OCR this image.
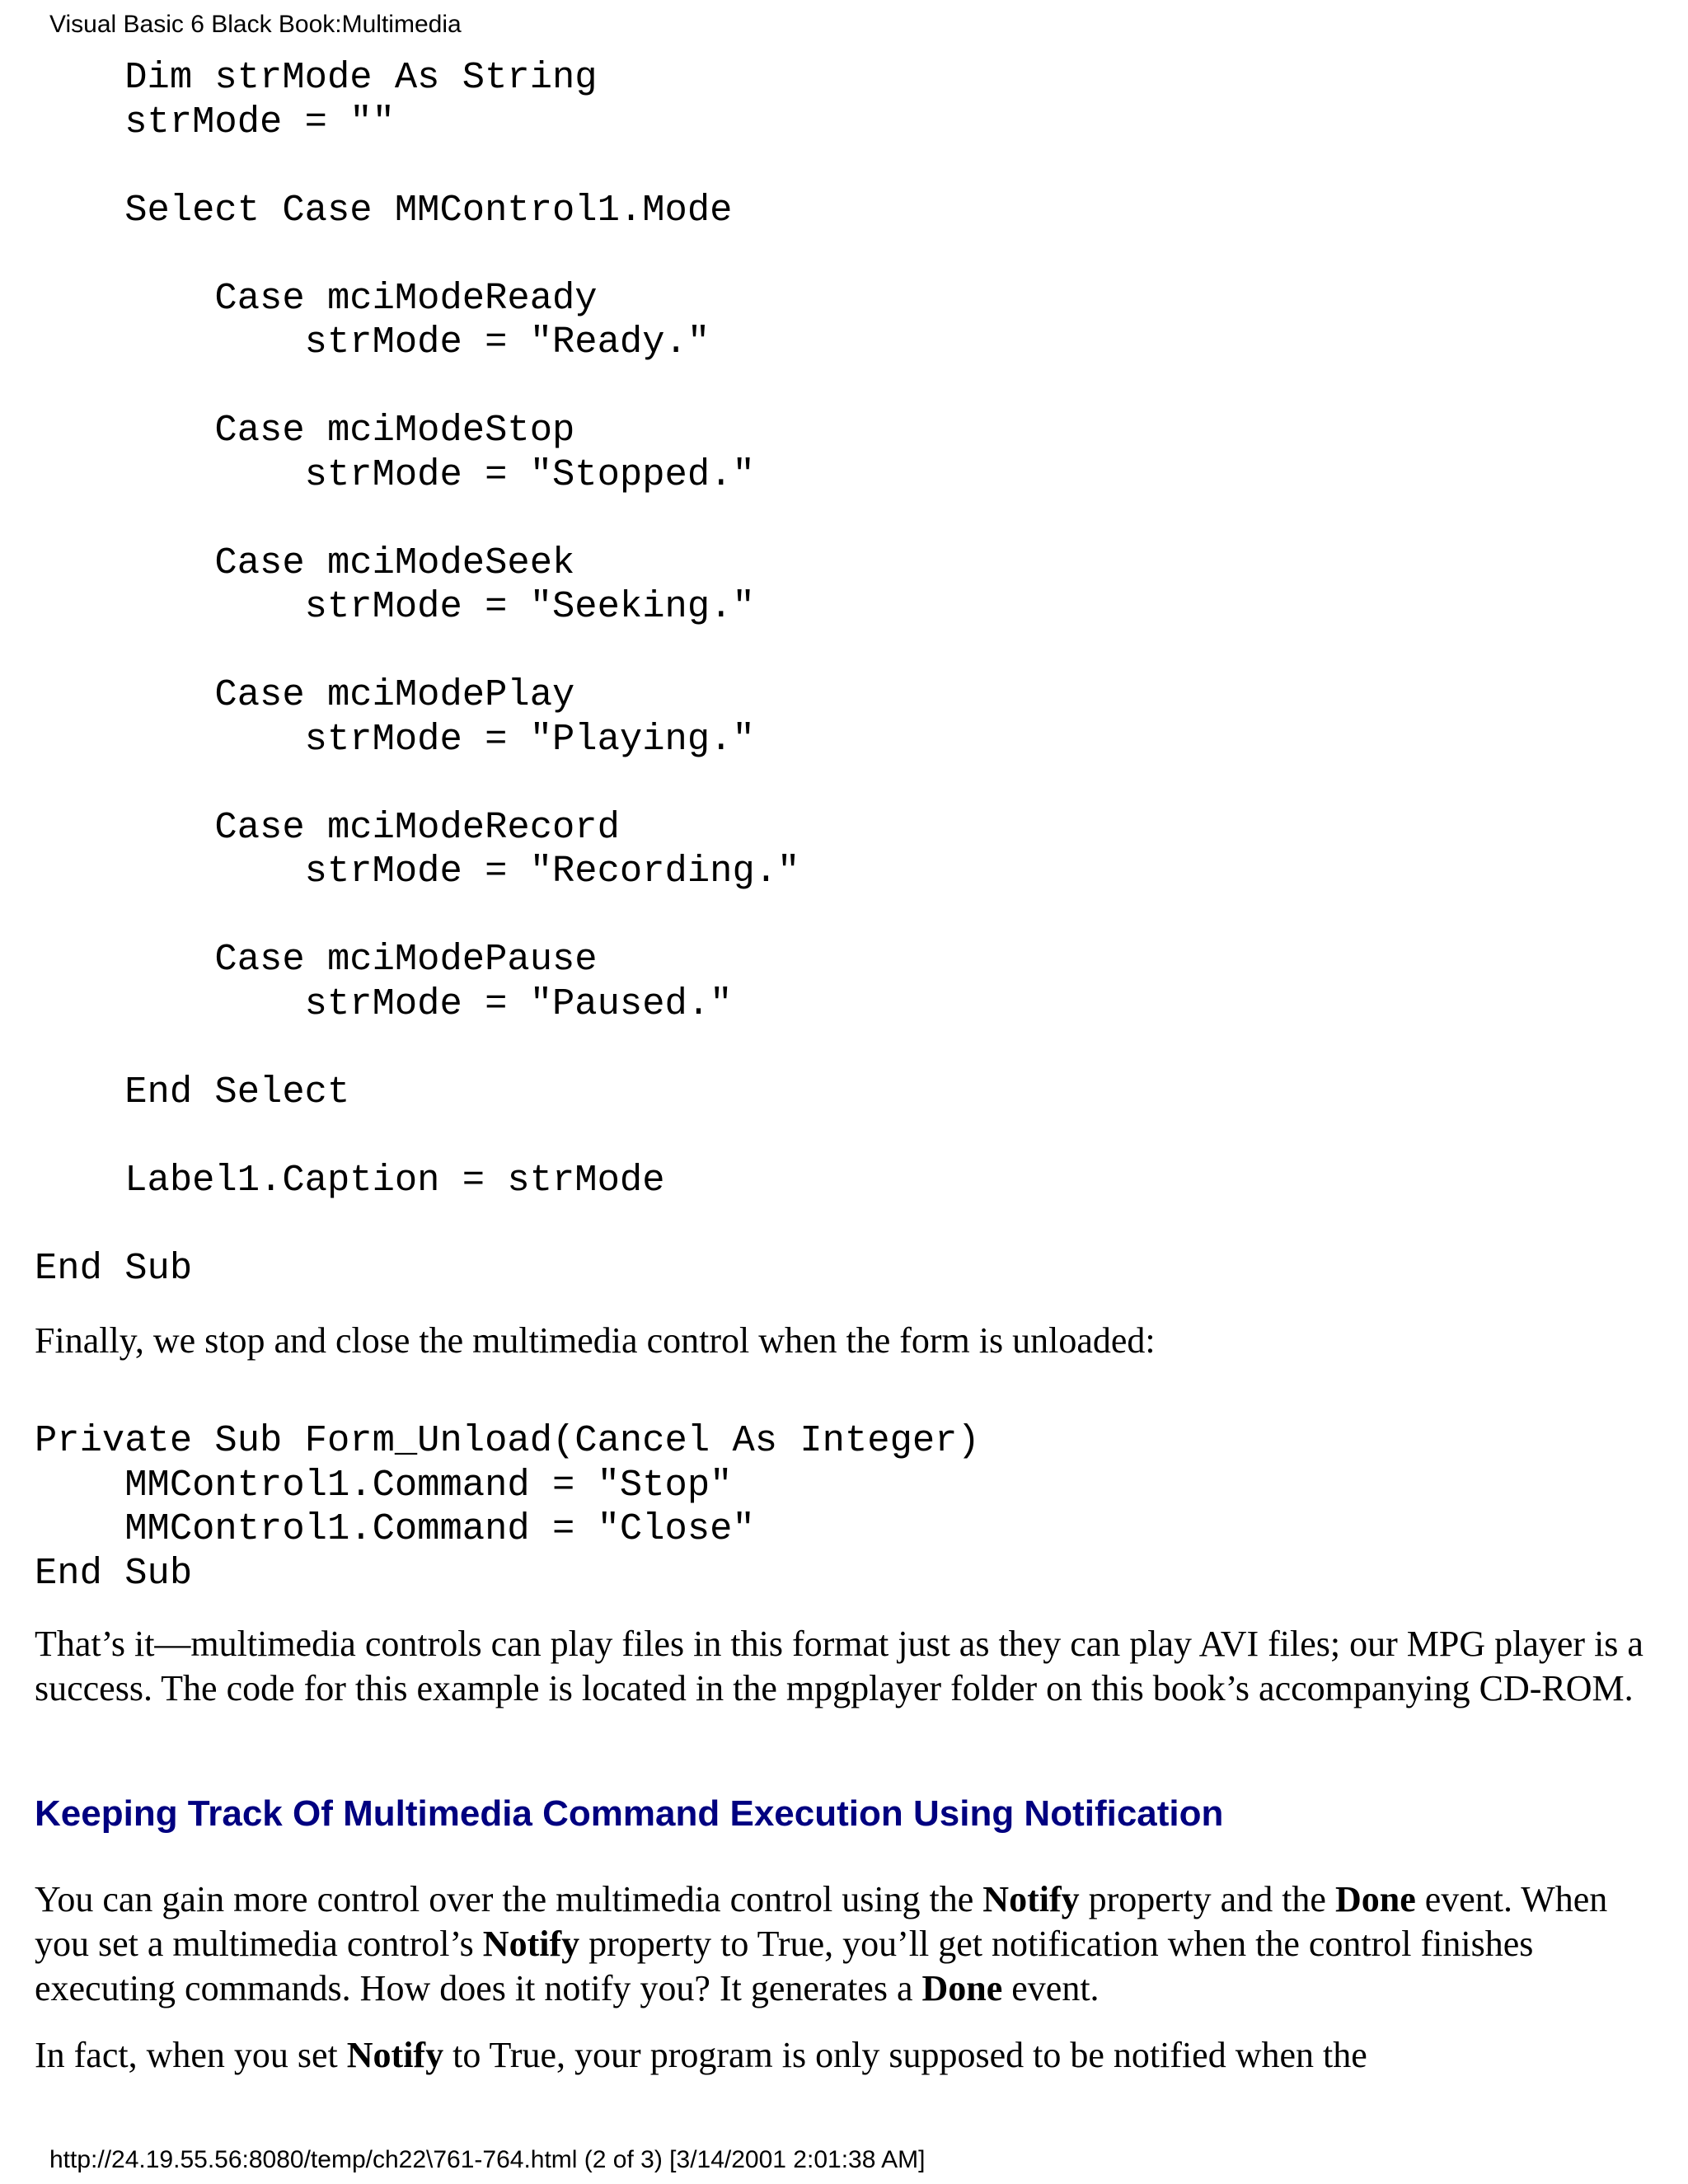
Visual Basic 6 Black Book:Multimedia
Dim strMode As String
strMode = ""
Select Case MMControl1.Mode
Case mciModeReady
strMode = "Ready."
Case mciModeStop
strMode = "Stopped."
Case mciModeSeek
strMode = "Seeking."
Case mciModePlay
strMode = "Playing."
Case mciModeRecord
strMode = "Recording."
Case mciModePause
strMode = "Paused."
End Select
Label1.Caption = strMode
End Sub

Finally, we stop and close the multimedia control when the form is unloaded:

Private Sub Form_Unload(Cancel As Integer)
MMControl1.Command = "Stop"
MMControl1.Command = "Close"
End Sub

That’s it—multimedia controls can play files in this format just as they can play AVI files; our MPG player is a success. The code for this example is located in the mpgplayer folder on this book’s accompanying CD-ROM.

Keeping Track Of Multimedia Command Execution Using Notification

You can gain more control over the multimedia control using the Notify property and the Done event. When you set a multimedia control’s Notify property to True, you’ll get notification when the control finishes executing commands. How does it notify you? It generates a Done event.

In fact, when you set Notify to True, your program is only supposed to be notified when the

http://24.19.55.56:8080/temp/ch22\761-764.html (2 of 3) [3/14/2001 2:01:38 AM]
